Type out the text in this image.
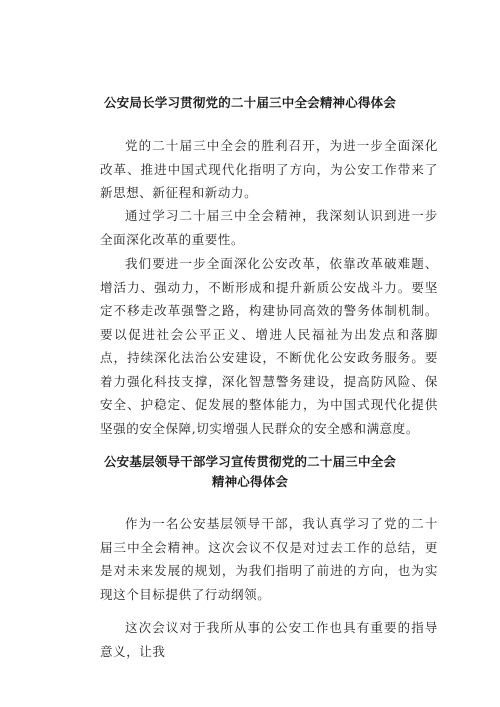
公安局长学习贯彻党的二十届三中全会精神心得体会

党的二十届三中全会的胜利召开，为进一步全面深化改革、推进中国式现代化指明了方向，为公安工作带来了新思想、新征程和新动力。

通过学习二十届三中全会精神，我深刻认识到进一步全面深化改革的重要性。

我们要进一步全面深化公安改革，依靠改革破难题、增活力、强动力，不断形成和提升新质公安战斗力。要坚定不移走改革强警之路，构建协同高效的警务体制机制。要以促进社会公平正义、增进人民福祉为出发点和落脚点，持续深化法治公安建设，不断优化公安政务服务。要着力强化科技支撑，深化智慧警务建设，提高防风险、保安全、护稳定、促发展的整体能力，为中国式现代化提供坚强的安全保障,切实增强人民群众的安全感和满意度。

公安基层领导干部学习宣传贯彻党的二十届三中全会
精神心得体会

作为一名公安基层领导干部，我认真学习了党的二十届三中全会精神。这次会议不仅是对过去工作的总结，更是对未来发展的规划，为我们指明了前进的方向，也为实现这个目标提供了行动纲领。

这次会议对于我所从事的公安工作也具有重要的指导意义，让我
